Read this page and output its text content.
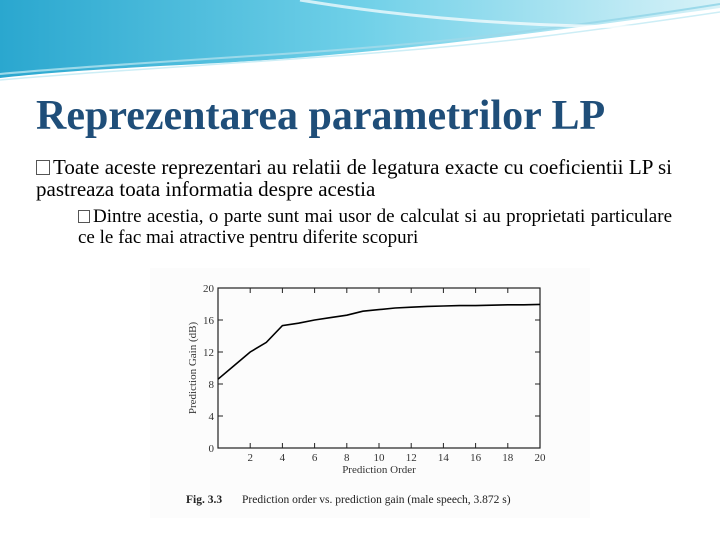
Reprezentarea parametrilor LP
Toate aceste reprezentari au relatii de legatura exacte cu coeficientii LP si pastreaza toata informatia despre acestia
Dintre acestia, o parte sunt mai usor de calculat si au proprietati particulare ce le fac mai atractive pentru diferite scopuri
2 4 6 8 10 12 14 16 18 20
0
4
8
12
16
20
Prediction Order
Prediction Gain (dB)
Fig. 3.3 Prediction order vs. prediction gain (male speech, 3.872 s)
